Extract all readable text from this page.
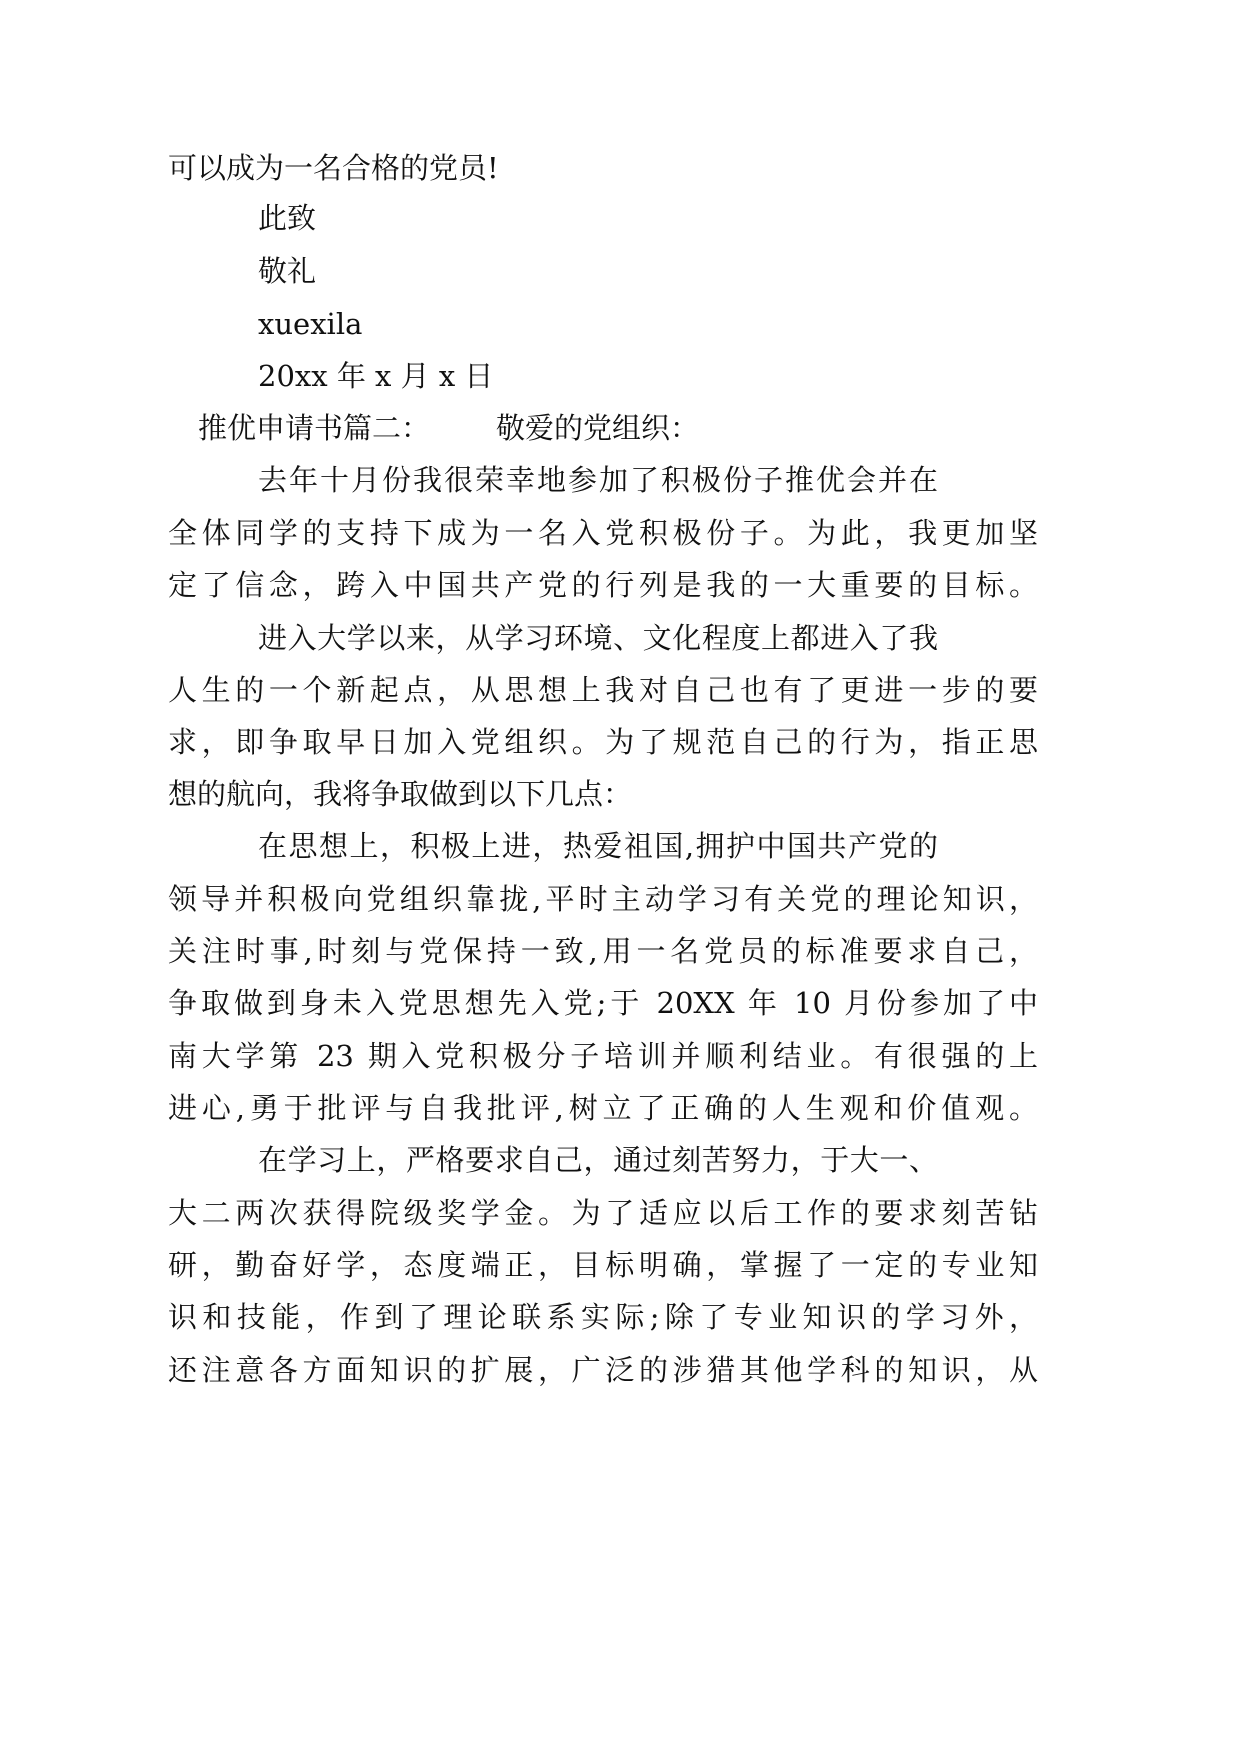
可以成为一名合格的党员!
此致
敬礼
xuexila
20xx 年 x 月 x 日
推优申请书篇二： 敬爱的党组织：
去年十月份我很荣幸地参加了积极份子推优会并在
全体同学的支持下成为一名入党积极份子。为此，我更加坚
定了信念，跨入中国共产党的行列是我的一大重要的目标。
进入大学以来，从学习环境、文化程度上都进入了我
人生的一个新起点，从思想上我对自己也有了更进一步的要
求，即争取早日加入党组织。为了规范自己的行为，指正思
想的航向，我将争取做到以下几点：
在思想上，积极上进，热爱祖国,拥护中国共产党的
领导并积极向党组织靠拢,平时主动学习有关党的理论知识，
关注时事,时刻与党保持一致,用一名党员的标准要求自己，
争取做到身未入党思想先入党;于 20XX 年 10 月份参加了中
南大学第 23 期入党积极分子培训并顺利结业。有很强的上
进心,勇于批评与自我批评,树立了正确的人生观和价值观。
在学习上，严格要求自己，通过刻苦努力，于大一、
大二两次获得院级奖学金。为了适应以后工作的要求刻苦钻
研，勤奋好学，态度端正，目标明确，掌握了一定的专业知
识和技能，作到了理论联系实际;除了专业知识的学习外，
还注意各方面知识的扩展，广泛的涉猎其他学科的知识，从
